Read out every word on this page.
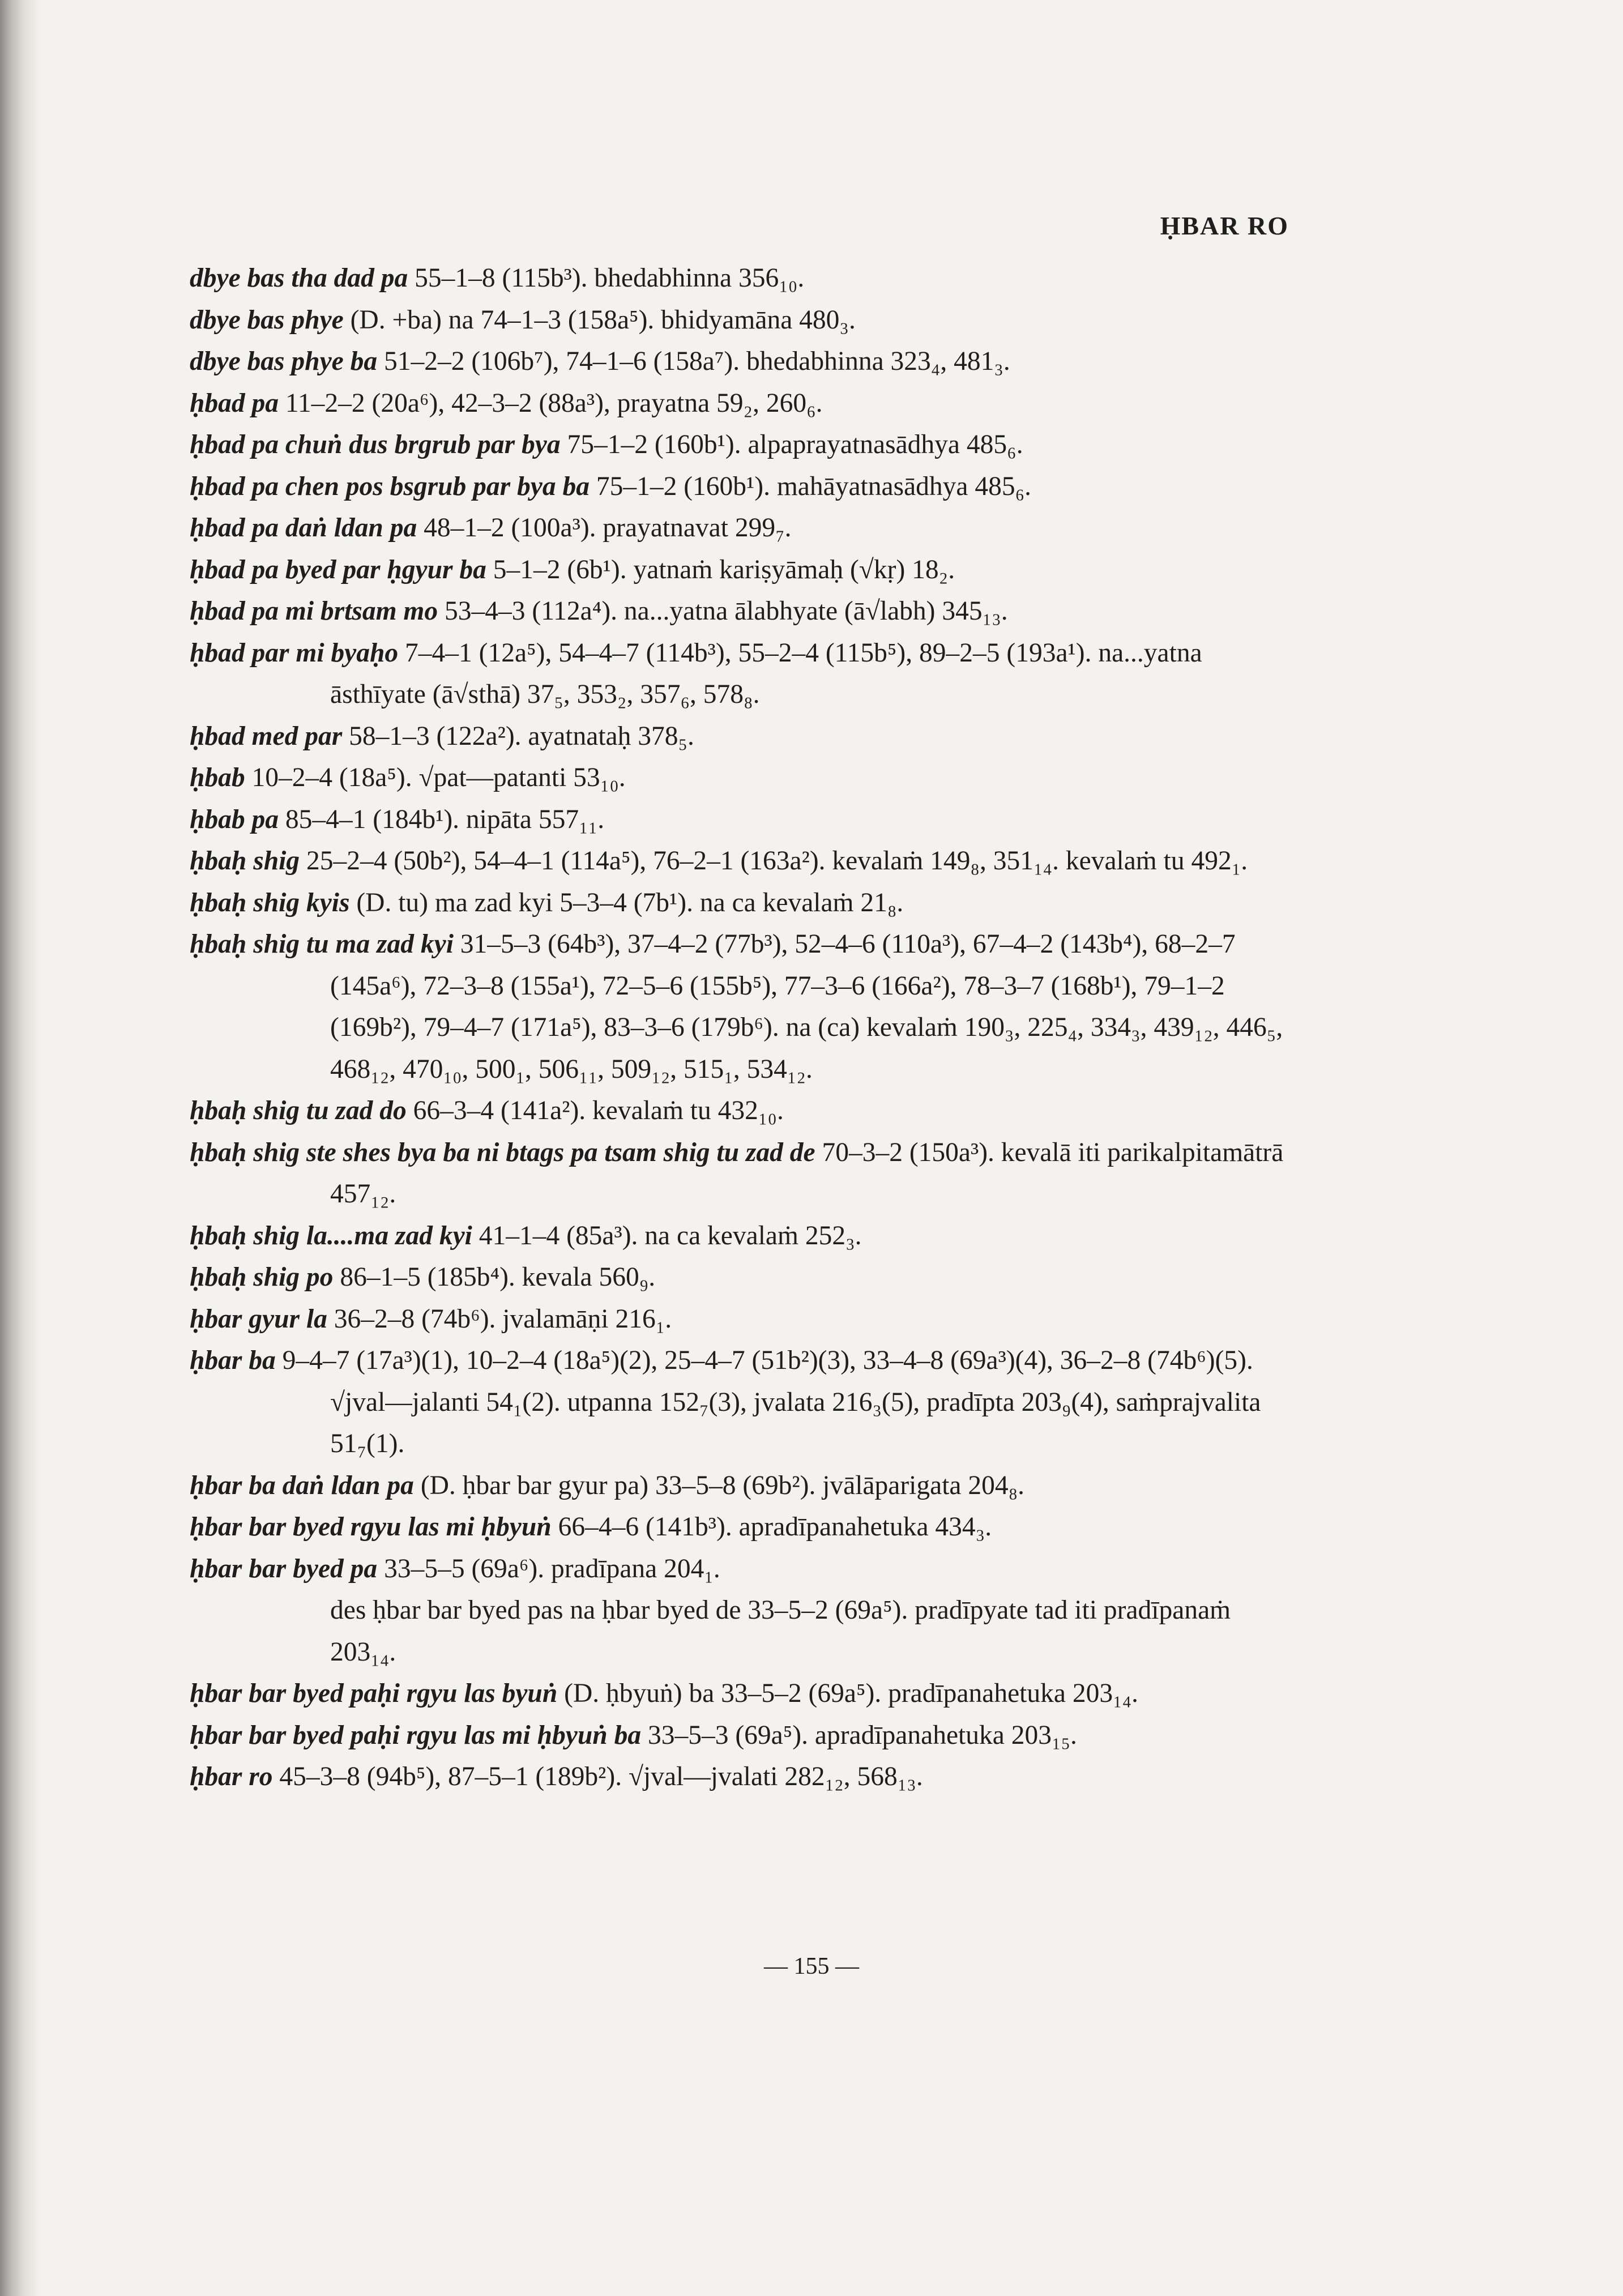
ḤBAR RO

dbye bas tha dad pa 55–1–8 (115b³). bhedabhinna 356₁₀.

dbye bas phye (D. +ba) na 74–1–3 (158a⁵). bhidyamāna 480₃.

dbye bas phye ba 51–2–2 (106b⁷), 74–1–6 (158a⁷). bhedabhinna 323₄, 481₃.

ḥbad pa 11–2–2 (20a⁶), 42–3–2 (88a³), prayatna 59₂, 260₆.

ḥbad pa chuṅ dus brgrub par bya 75–1–2 (160b¹). alpaprayatnasādhya 485₆.

ḥbad pa chen pos bsgrub par bya ba 75–1–2 (160b¹). mahāyatnasādhya 485₆.

ḥbad pa daṅ ldan pa 48–1–2 (100a³). prayatnavat 299₇.

ḥbad pa byed par ḥgyur ba 5–1–2 (6b¹). yatnaṁ kariṣyāmaḥ (√kṛ) 18₂.

ḥbad pa mi brtsam mo 53–4–3 (112a⁴). na...yatna ālabhyate (ā√labh) 345₁₃.

ḥbad par mi byaḥo 7–4–1 (12a⁵), 54–4–7 (114b³), 55–2–4 (115b⁵), 89–2–5 (193a¹). na...yatna āsthīyate (ā√sthā) 37₅, 353₂, 357₆, 578₈.

ḥbad med par 58–1–3 (122a²). ayatnataḥ 378₅.

ḥbab 10–2–4 (18a⁵). √pat—patanti 53₁₀.

ḥbab pa 85–4–1 (184b¹). nipāta 557₁₁.

ḥbaḥ shig 25–2–4 (50b²), 54–4–1 (114a⁵), 76–2–1 (163a²). kevalaṁ 149₈, 351₁₄. kevalaṁ tu 492₁.

ḥbaḥ shig kyis (D. tu) ma zad kyi 5–3–4 (7b¹). na ca kevalaṁ 21₈.

ḥbaḥ shig tu ma zad kyi 31–5–3 (64b³), 37–4–2 (77b³), 52–4–6 (110a³), 67–4–2 (143b⁴), 68–2–7 (145a⁶), 72–3–8 (155a¹), 72–5–6 (155b⁵), 77–3–6 (166a²), 78–3–7 (168b¹), 79–1–2 (169b²), 79–4–7 (171a⁵), 83–3–6 (179b⁶). na (ca) kevalaṁ 190₃, 225₄, 334₃, 439₁₂, 446₅, 468₁₂, 470₁₀, 500₁, 506₁₁, 509₁₂, 515₁, 534₁₂.

ḥbaḥ shig tu zad do 66–3–4 (141a²). kevalaṁ tu 432₁₀.

ḥbaḥ shig ste shes bya ba ni btags pa tsam shig tu zad de 70–3–2 (150a³). kevalā iti parikalpitamātrā 457₁₂.

ḥbaḥ shig la....ma zad kyi 41–1–4 (85a³). na ca kevalaṁ 252₃.

ḥbaḥ shig po 86–1–5 (185b⁴). kevala 560₉.

ḥbar gyur la 36–2–8 (74b⁶). jvalamāṇi 216₁.

ḥbar ba 9–4–7 (17a³)(1), 10–2–4 (18a⁵)(2), 25–4–7 (51b²)(3), 33–4–8 (69a³)(4), 36–2–8 (74b⁶)(5). √jval—jalanti 54₁(2). utpanna 152₇(3), jvalata 216₃(5), pradīpta 203₉(4), saṁprajvalita 51₇(1).

ḥbar ba daṅ ldan pa (D. ḥbar bar gyur pa) 33–5–8 (69b²). jvālāparigata 204₈.

ḥbar bar byed rgyu las mi ḥbyuṅ 66–4–6 (141b³). apradīpanahetuka 434₃.

ḥbar bar byed pa 33–5–5 (69a⁶). pradīpana 204₁.

des ḥbar bar byed pas na ḥbar byed de 33–5–2 (69a⁵). pradīpyate tad iti pradīpanaṁ 203₁₄.

ḥbar bar byed paḥi rgyu las byuṅ (D. ḥbyuṅ) ba 33–5–2 (69a⁵). pradīpanahetuka 203₁₄.

ḥbar bar byed paḥi rgyu las mi ḥbyuṅ ba 33–5–3 (69a⁵). apradīpanahetuka 203₁₅.

ḥbar ro 45–3–8 (94b⁵), 87–5–1 (189b²). √jval—jvalati 282₁₂, 568₁₃.

— 155 —
